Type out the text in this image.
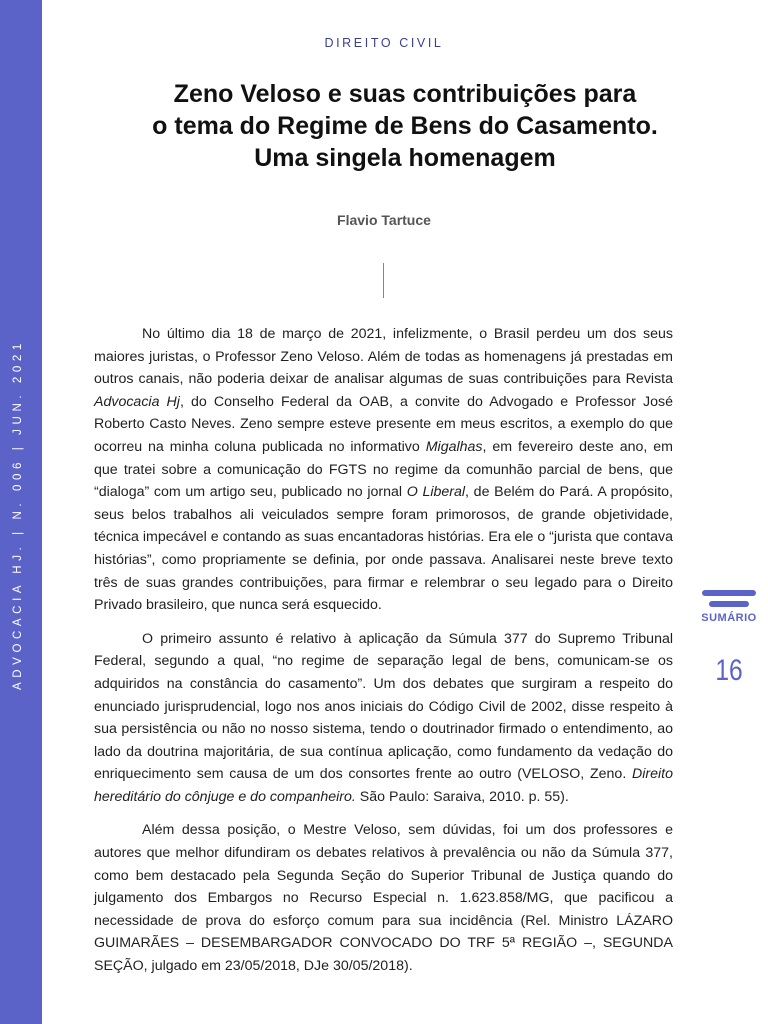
ADVOCACIA HJ. | N. 006 | JUN. 2021
DIREITO CIVIL
Zeno Veloso e suas contribuições para
o tema do Regime de Bens do Casamento.
Uma singela homenagem
Flavio Tartuce

No último dia 18 de março de 2021, infelizmente, o Brasil perdeu um dos seus maiores juristas, o Professor Zeno Veloso. Além de todas as homenagens já prestadas em outros canais, não poderia deixar de analisar algumas de suas contribuições para Revista Advocacia Hj, do Conselho Federal da OAB, a convite do Advogado e Professor José Roberto Casto Neves. Zeno sempre esteve presente em meus escritos, a exemplo do que ocorreu na minha coluna publicada no informativo Migalhas, em fevereiro deste ano, em que tratei sobre a comunicação do FGTS no regime da comunhão parcial de bens, que “dialoga” com um artigo seu, publicado no jornal O Liberal, de Belém do Pará. A propósito, seus belos trabalhos ali veiculados sempre foram primorosos, de grande objetividade, técnica impecável e contando as suas encantadoras histórias. Era ele o “jurista que contava histórias”, como propriamente se definia, por onde passava. Analisarei neste breve texto três de suas grandes contribuições, para firmar e relembrar o seu legado para o Direito Privado brasileiro, que nunca será esquecido.

O primeiro assunto é relativo à aplicação da Súmula 377 do Supremo Tribunal Federal, segundo a qual, “no regime de separação legal de bens, comunicam-se os adquiridos na constância do casamento”. Um dos debates que surgiram a respeito do enunciado jurisprudencial, logo nos anos iniciais do Código Civil de 2002, disse respeito à sua persistência ou não no nosso sistema, tendo o doutrinador firmado o entendimento, ao lado da doutrina majoritária, de sua contínua aplicação, como fundamento da vedação do enriquecimento sem causa de um dos consortes frente ao outro (VELOSO, Zeno. Direito hereditário do cônjuge e do companheiro. São Paulo: Saraiva, 2010. p. 55).

Além dessa posição, o Mestre Veloso, sem dúvidas, foi um dos professores e autores que melhor difundiram os debates relativos à prevalência ou não da Súmula 377, como bem destacado pela Segunda Seção do Superior Tribunal de Justiça quando do julgamento dos Embargos no Recurso Especial n. 1.623.858/MG, que pacificou a necessidade de prova do esforço comum para sua incidência (Rel. Ministro LÁZARO GUIMARÃES – DESEMBARGADOR CONVOCADO DO TRF 5ª REGIÃO –, SEGUNDA SEÇÃO, julgado em 23/05/2018, DJe 30/05/2018).

SUMÁRIO
16
